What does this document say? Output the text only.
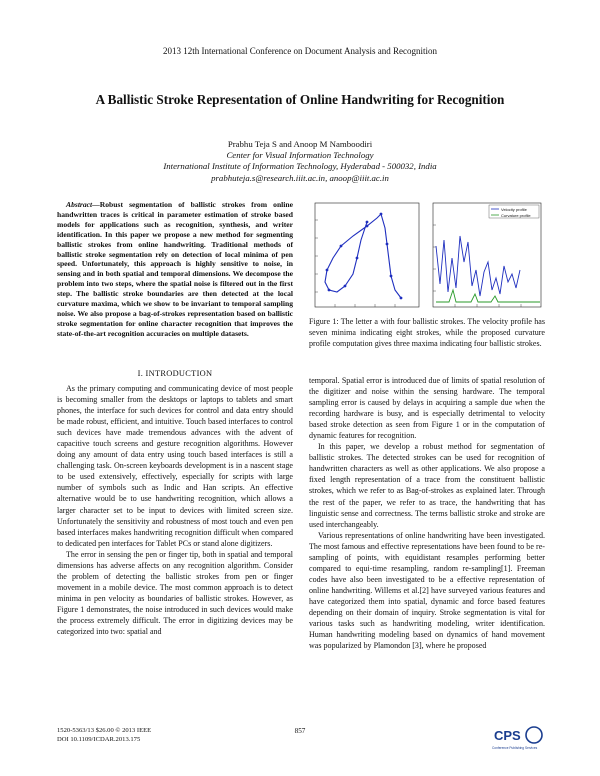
2013 12th International Conference on Document Analysis and Recognition
A Ballistic Stroke Representation of Online Handwriting for Recognition
Prabhu Teja S and Anoop M Namboodiri
Center for Visual Information Technology
International Institute of Information Technology, Hyderabad - 500032, India
prabhuteja.s@research.iiit.ac.in, anoop@iiit.ac.in

Abstract—Robust segmentation of ballistic strokes from online handwritten traces is critical in parameter estimation of stroke based models for applications such as recognition, synthesis, and writer identification. In this paper we propose a new method for segmenting ballistic strokes from online handwriting. Traditional methods of ballistic stroke segmentation rely on detection of local minima of pen speed. Unfortunately, this approach is highly sensitive to noise, in sensing and in both spatial and temporal dimensions. We decompose the problem into two steps, where the spatial noise is filtered out in the first step. The ballistic stroke boundaries are then detected at the local curvature maxima, which we show to be invariant to temporal sampling noise. We also propose a bag-of-strokes representation based on ballistic stroke segmentation for online character recognition that improves the state-of-the-art recognition accuracies on multiple datasets.

I. INTRODUCTION

As the primary computing and communicating device of most people is becoming smaller from the desktops or laptops to tablets and smart phones, the interface for such devices for control and data entry should be made robust, efficient, and intuitive. Touch based interfaces to control such devices have made tremendous advances with the advent of capacitive touch screens and gesture recognition algorithms. However doing any amount of data entry using touch based interfaces is still a challenging task. On-screen keyboards development is in a nascent stage to be used extensively, effectively, especially for scripts with large number of symbols such as Indic and Han scripts. An effective alternative would be to use handwriting recognition, which allows a larger character set to be input to devices with limited screen size. Unfortunately the sensitivity and robustness of most touch and even pen based interfaces makes handwriting recognition difficult when compared to dedicated pen interfaces for Tablet PCs or stand alone digitizers.

The error in sensing the pen or finger tip, both in spatial and temporal dimensions has adverse affects on any recognition algorithm. Consider the problem of detecting the ballistic strokes from pen or finger movement in a mobile device. The most common approach is to detect minima in pen velocity as boundaries of ballistic strokes. However, as Figure 1 demonstrates, the noise introduced in such devices would make the process extremely difficult. The error in digitizing devices may be categorized into two: spatial and

Velocity profile
Curvature profile
Figure 1: The letter a with four ballistic strokes. The velocity profile has seven minima indicating eight strokes, while the proposed curvature profile computation gives three maxima indicating four ballistic strokes.

temporal. Spatial error is introduced due of limits of spatial resolution of the digitizer and noise within the sensing hardware. The temporal sampling error is caused by delays in acquiring a sample due when the recording hardware is busy, and is especially detrimental to velocity based stroke detection as seen from Figure 1 or in the computation of dynamic features for recognition.

In this paper, we develop a robust method for segmentation of ballistic strokes. The detected strokes can be used for recognition of handwritten characters as well as other applications. We also propose a fixed length representation of a trace from the constituent ballistic strokes, which we refer to as Bag-of-strokes as explained later. Through the rest of the paper, we refer to as trace, the handwriting that has linguistic sense and correctness. The terms ballistic stroke and stroke are used interchangeably.

Various representations of online handwriting have been investigated. The most famous and effective representations have been found to be re-sampling of points, with equidistant resamples performing better compared to equi-time resampling, random re-sampling[1]. Freeman codes have also been investigated to be a effective representation of online handwriting. Willems et al.[2] have surveyed various features and have categorized them into spatial, dynamic and force based features depending on their domain of inquiry. Stroke segmentation is vital for various tasks such as handwriting modeling, writer identification. Human handwriting modeling based on dynamics of hand movement was popularized by Plamondon [3], where he proposed

1520-5363/13 $26.00 © 2013 IEEE
DOI 10.1109/ICDAR.2013.175
857	CPS
Conference Publishing Services
